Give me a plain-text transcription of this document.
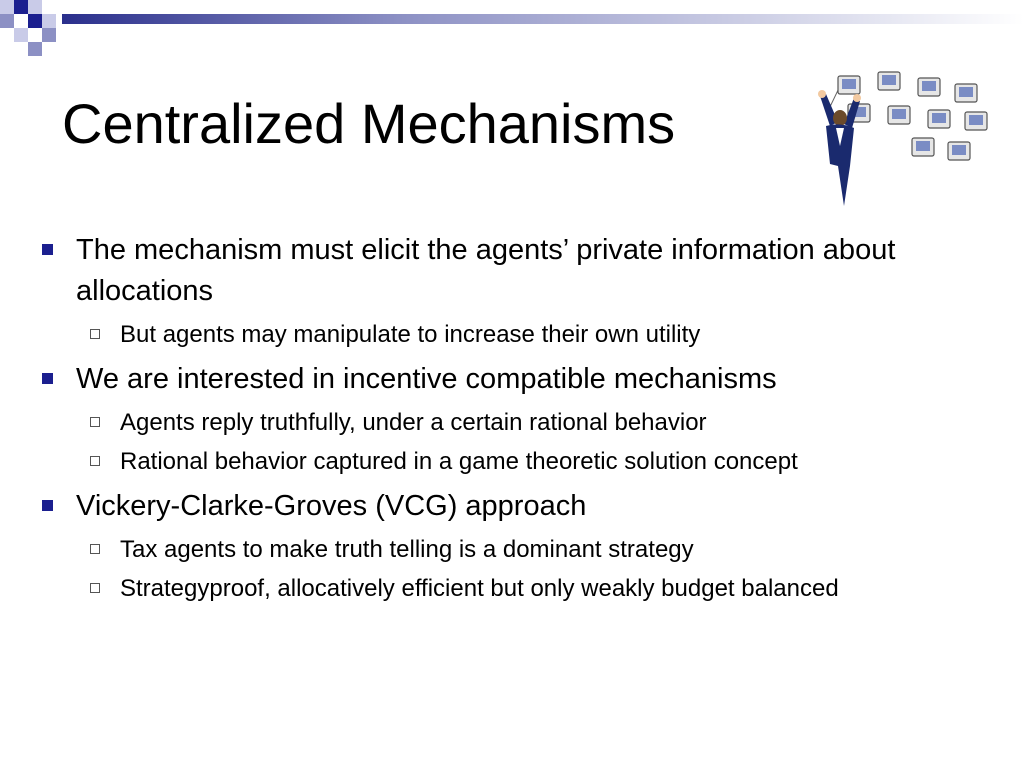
Centralized Mechanisms
The mechanism must elicit the agents’ private information about allocations
But agents may manipulate to increase their own utility
We are interested in incentive compatible mechanisms
Agents reply truthfully, under a certain rational behavior
Rational behavior captured in a game theoretic solution concept
Vickery-Clarke-Groves (VCG) approach
Tax agents to make truth telling is a dominant strategy
Strategyproof, allocatively efficient but only weakly budget balanced
